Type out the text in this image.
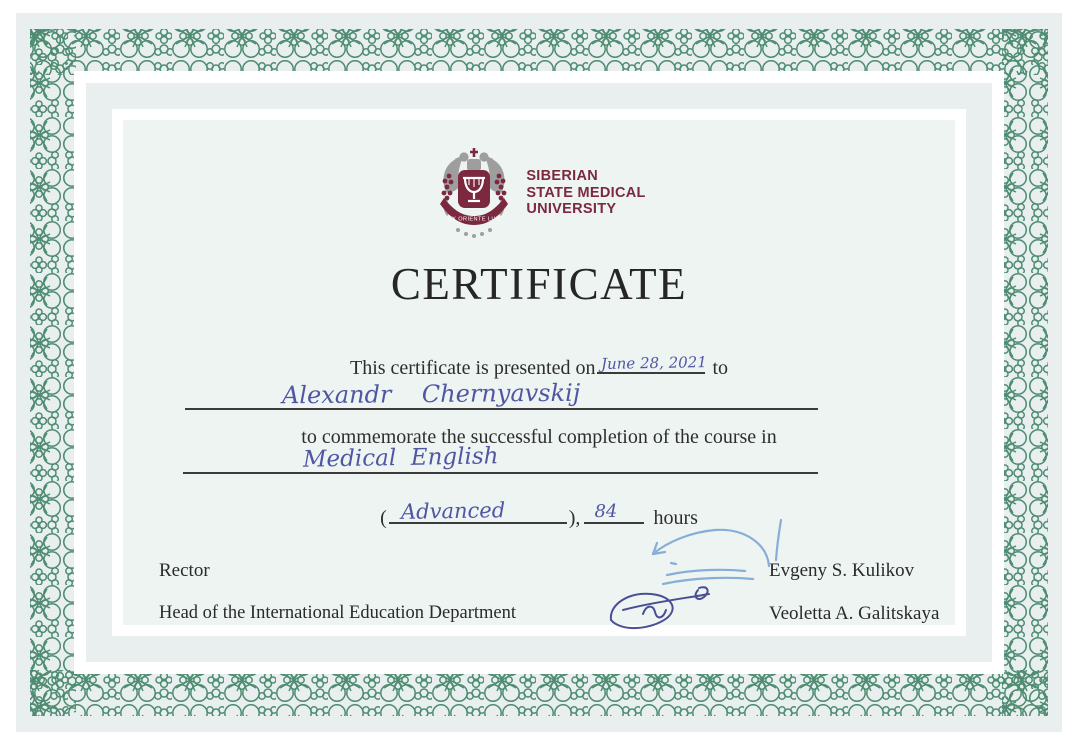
EX ORIENTE LUX
SIBERIAN
STATE MEDICAL
UNIVERSITY
CERTIFICATE
This certificate is presented on June 28, 2021 to
Alexandr    Chernyavskij
to commemorate the successful completion of the course in
Medical  English
( Advanced	), 84 hours
Rector	Evgeny S. Kulikov
Head of the International Education Department	Veoletta A. Galitskaya
